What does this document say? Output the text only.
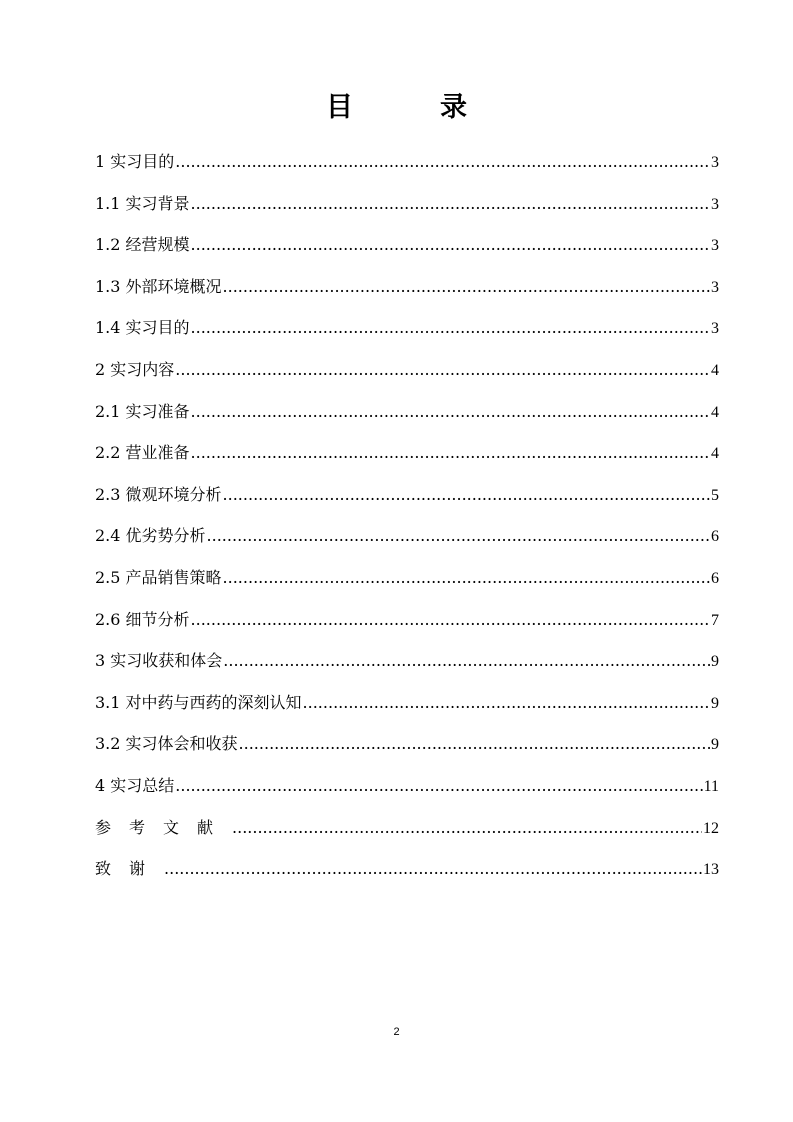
目　录
1 实习目的 .....	3
1.1 实习背景 .....	3
1.2 经营规模 .....	3
1.3 外部环境概况 .....	3
1.4 实习目的 .....	3
2 实习内容 .....	4
2.1 实习准备 .....	4
2.2 营业准备 .....	4
2.3 微观环境分析 .....	5
2.4 优劣势分析 .....	6
2.5 产品销售策略 .....	6
2.6 细节分析 .....	7
3 实习收获和体会 .....	9
3.1 对中药与西药的深刻认知 .....	9
3.2 实习体会和收获 .....	9
4 实习总结 .....	11
参考文献 .....	12
致谢 .....	13
2
